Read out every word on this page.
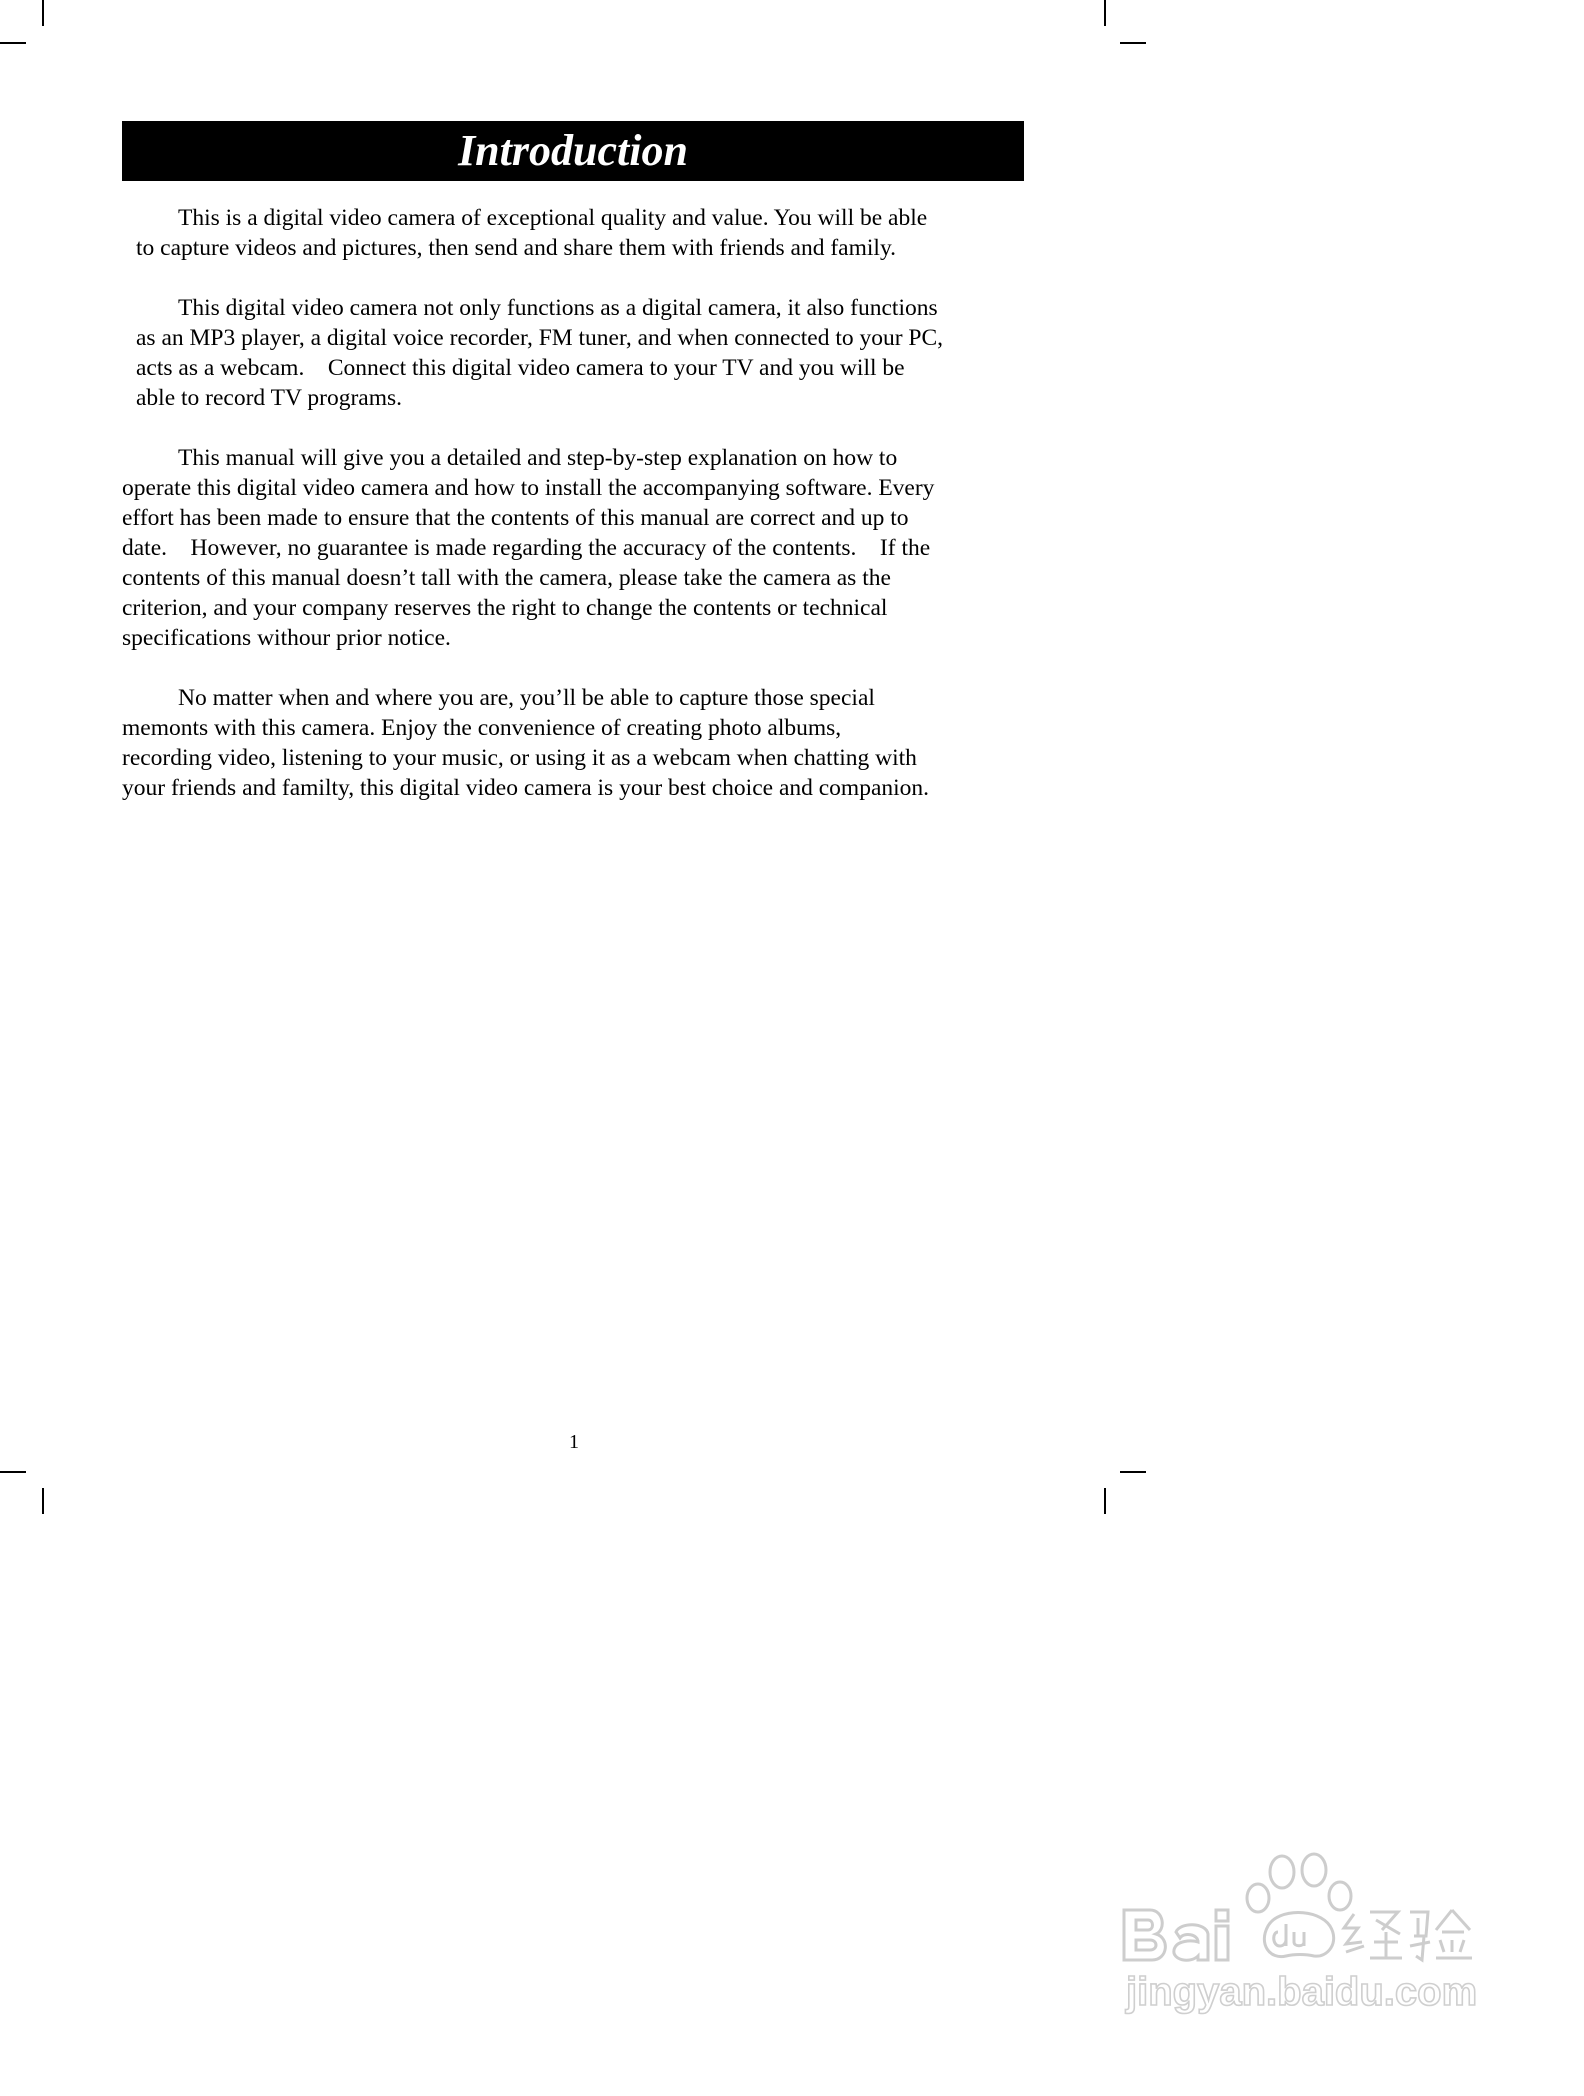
Introduction

This is a digital video camera of exceptional quality and value. You will be able
to capture videos and pictures, then send and share them with friends and family.

This digital video camera not only functions as a digital camera, it also functions
as an MP3 player, a digital voice recorder, FM tuner, and when connected to your PC,
acts as a webcam.    Connect this digital video camera to your TV and you will be
able to record TV programs.

This manual will give you a detailed and step-by-step explanation on how to
operate this digital video camera and how to install the accompanying software. Every
effort has been made to ensure that the contents of this manual are correct and up to
date.    However, no guarantee is made regarding the accuracy of the contents.    If the
contents of this manual doesn’t tall with the camera, please take the camera as the
criterion, and your company reserves the right to change the contents or technical
specifications withour prior notice.

No matter when and where you are, you’ll be able to capture those special
memonts with this camera. Enjoy the convenience of creating photo albums,
recording video, listening to your music, or using it as a webcam when chatting with
your friends and familty, this digital video camera is your best choice and companion.

1
jingyan.baidu.com
